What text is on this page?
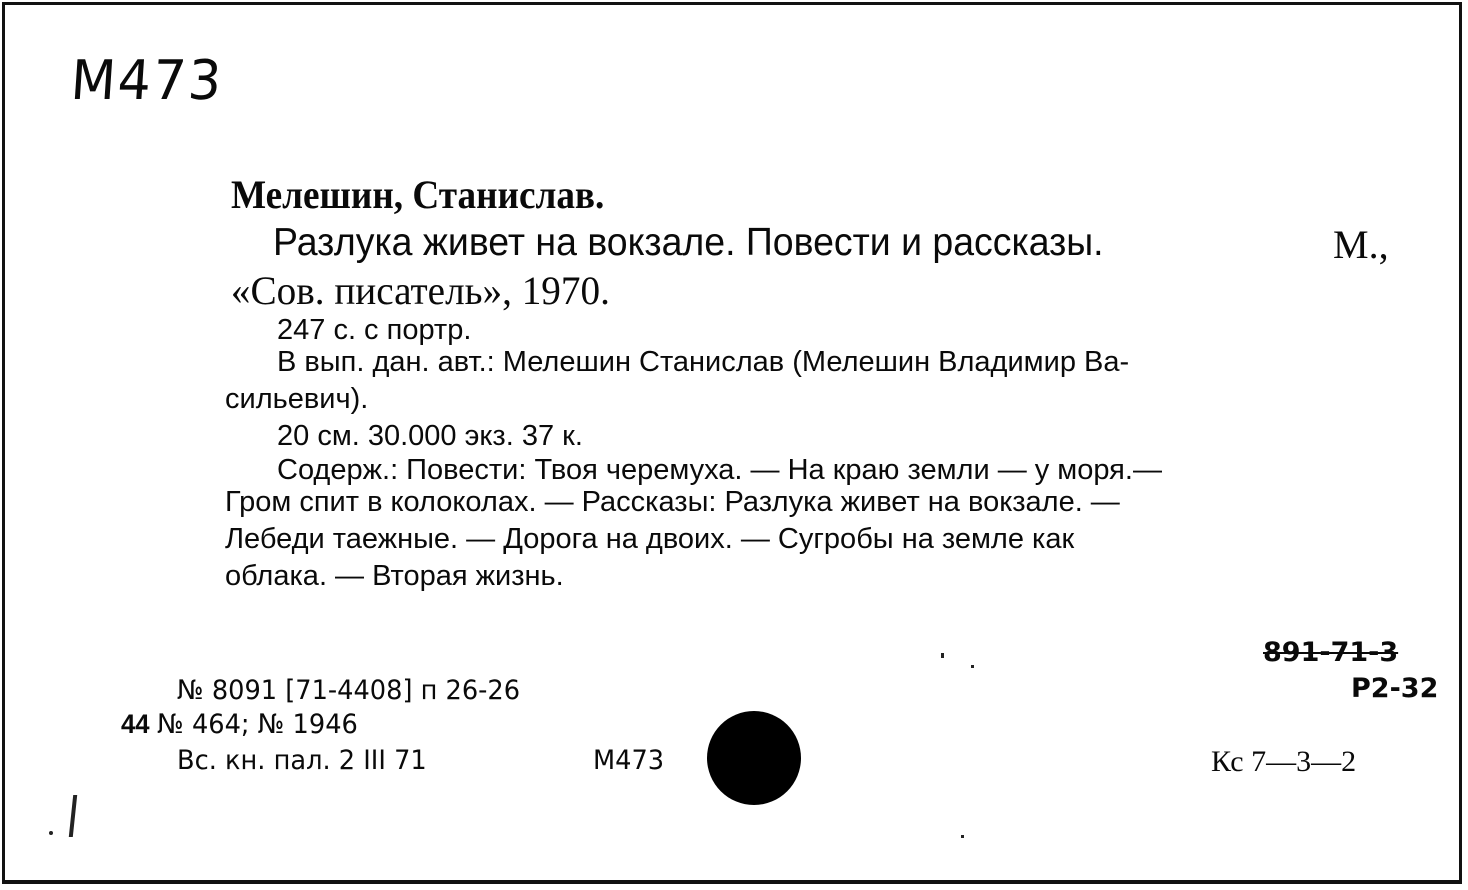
M473
Мелешин, Станислав.
Разлука живет на вокзале. Повести и рассказы.	М.,
«Сов. писатель», 1970.
247 с. с портр.
В вып. дан. авт.: Мелешин Станислав (Мелешин Владимир Ва-
сильевич).
20 см. 30.000 экз. 37 к.
Содерж.: Повести: Твоя черемуха. — На краю земли — у моря.—
Гром спит в колоколах. — Рассказы: Разлука живет на вокзале. —
Лебеди таежные. — Дорога на двоих. — Сугробы на земле как
облака. — Вторая жизнь.
№ 8091 [71-4408] п 26-26
44 № 464; № 1946
Вс. кн. пал. 2 III 71	М473
891-71-3
Р2-32
Кс 7—3—2
